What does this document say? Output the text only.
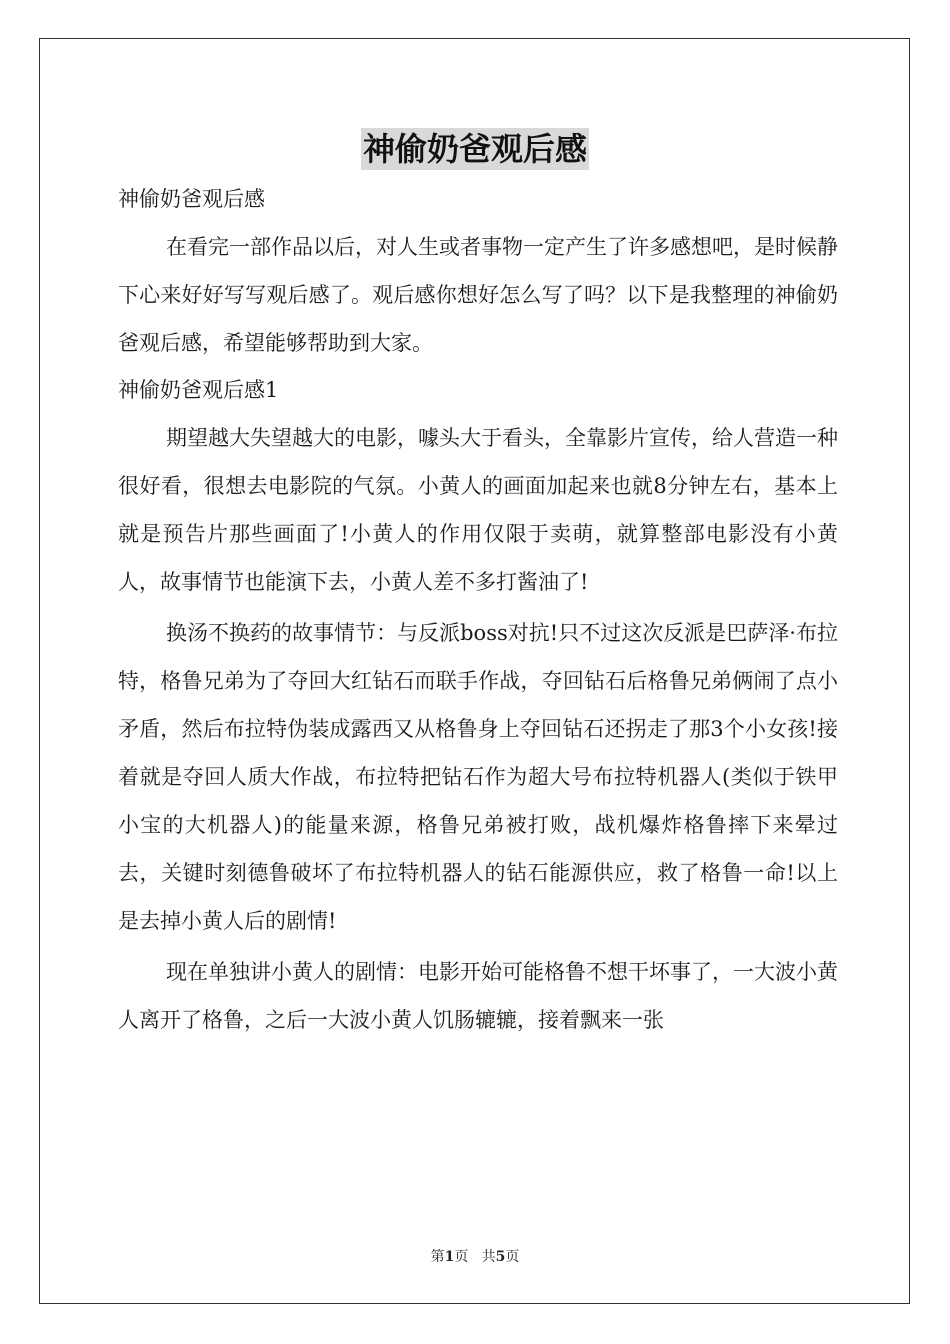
神偷奶爸观后感

神偷奶爸观后感

在看完一部作品以后，对人生或者事物一定产生了许多感想吧，是时候静下心来好好写写观后感了。观后感你想好怎么写了吗？以下是我整理的神偷奶爸观后感，希望能够帮助到大家。

神偷奶爸观后感1

期望越大失望越大的电影，噱头大于看头，全靠影片宣传，给人营造一种很好看，很想去电影院的气氛。小黄人的画面加起来也就8分钟左右，基本上就是预告片那些画面了!小黄人的作用仅限于卖萌，就算整部电影没有小黄人，故事情节也能演下去，小黄人差不多打酱油了!

换汤不换药的故事情节：与反派boss对抗!只不过这次反派是巴萨泽·布拉特，格鲁兄弟为了夺回大红钻石而联手作战，夺回钻石后格鲁兄弟俩闹了点小矛盾，然后布拉特伪装成露西又从格鲁身上夺回钻石还拐走了那3个小女孩!接着就是夺回人质大作战，布拉特把钻石作为超大号布拉特机器人(类似于铁甲小宝的大机器人)的能量来源，格鲁兄弟被打败，战机爆炸格鲁摔下来晕过去，关键时刻德鲁破坏了布拉特机器人的钻石能源供应，救了格鲁一命!以上是去掉小黄人后的剧情!

现在单独讲小黄人的剧情：电影开始可能格鲁不想干坏事了，一大波小黄人离开了格鲁，之后一大波小黄人饥肠辘辘，接着飘来一张

第1页 共5页
